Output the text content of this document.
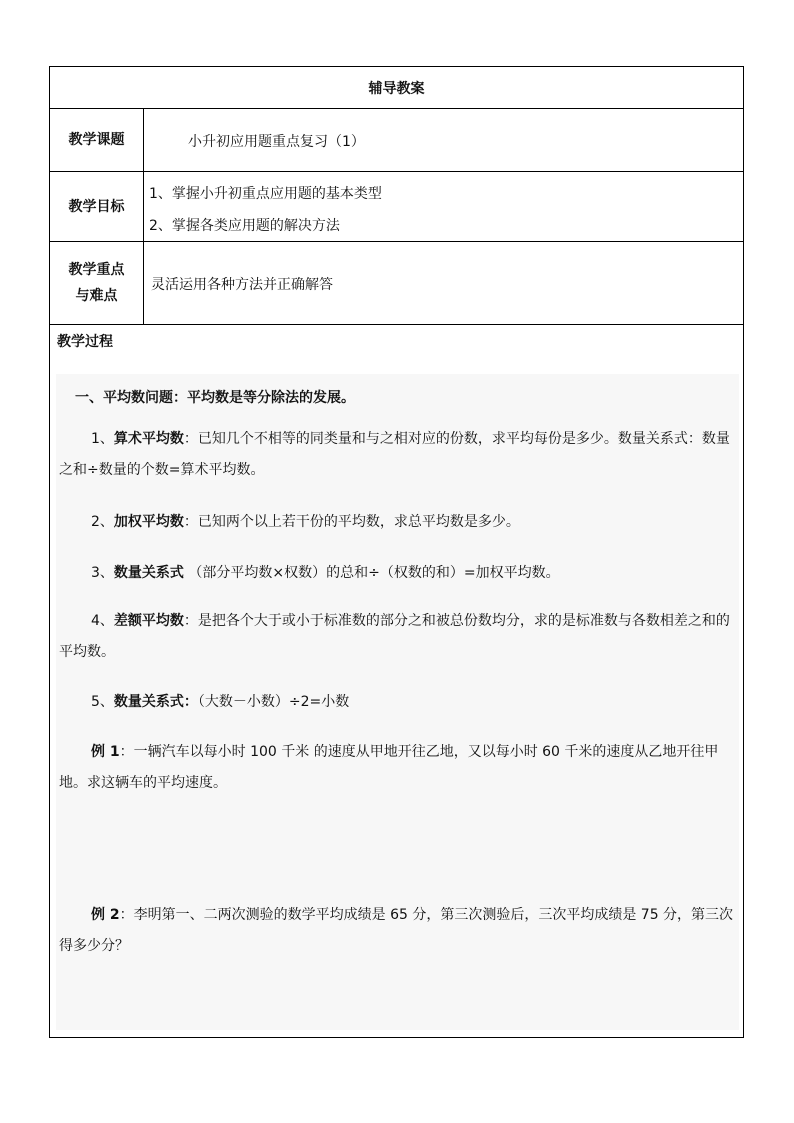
辅导教案
教学课题	小升初应用题重点复习（1）
教学目标
1、掌握小升初重点应用题的基本类型
2、掌握各类应用题的解决方法
教学重点
与难点
灵活运用各种方法并正确解答
教学过程
一、平均数问题：平均数是等分除法的发展。
1、算术平均数：已知几个不相等的同类量和与之相对应的份数，求平均每份是多少。数量关系式：数量之和÷数量的个数=算术平均数。
2、加权平均数：已知两个以上若干份的平均数，求总平均数是多少。
3、数量关系式 （部分平均数×权数）的总和÷（权数的和）=加权平均数。
4、差额平均数：是把各个大于或小于标准数的部分之和被总份数均分，求的是标准数与各数相差之和的平均数。
5、数量关系式：（大数－小数）÷2=小数
例 1：一辆汽车以每小时 100 千米 的速度从甲地开往乙地，又以每小时 60 千米的速度从乙地开往甲地。求这辆车的平均速度。
例 2：李明第一、二两次测验的数学平均成绩是 65 分，第三次测验后，三次平均成绩是 75 分，第三次得多少分？
